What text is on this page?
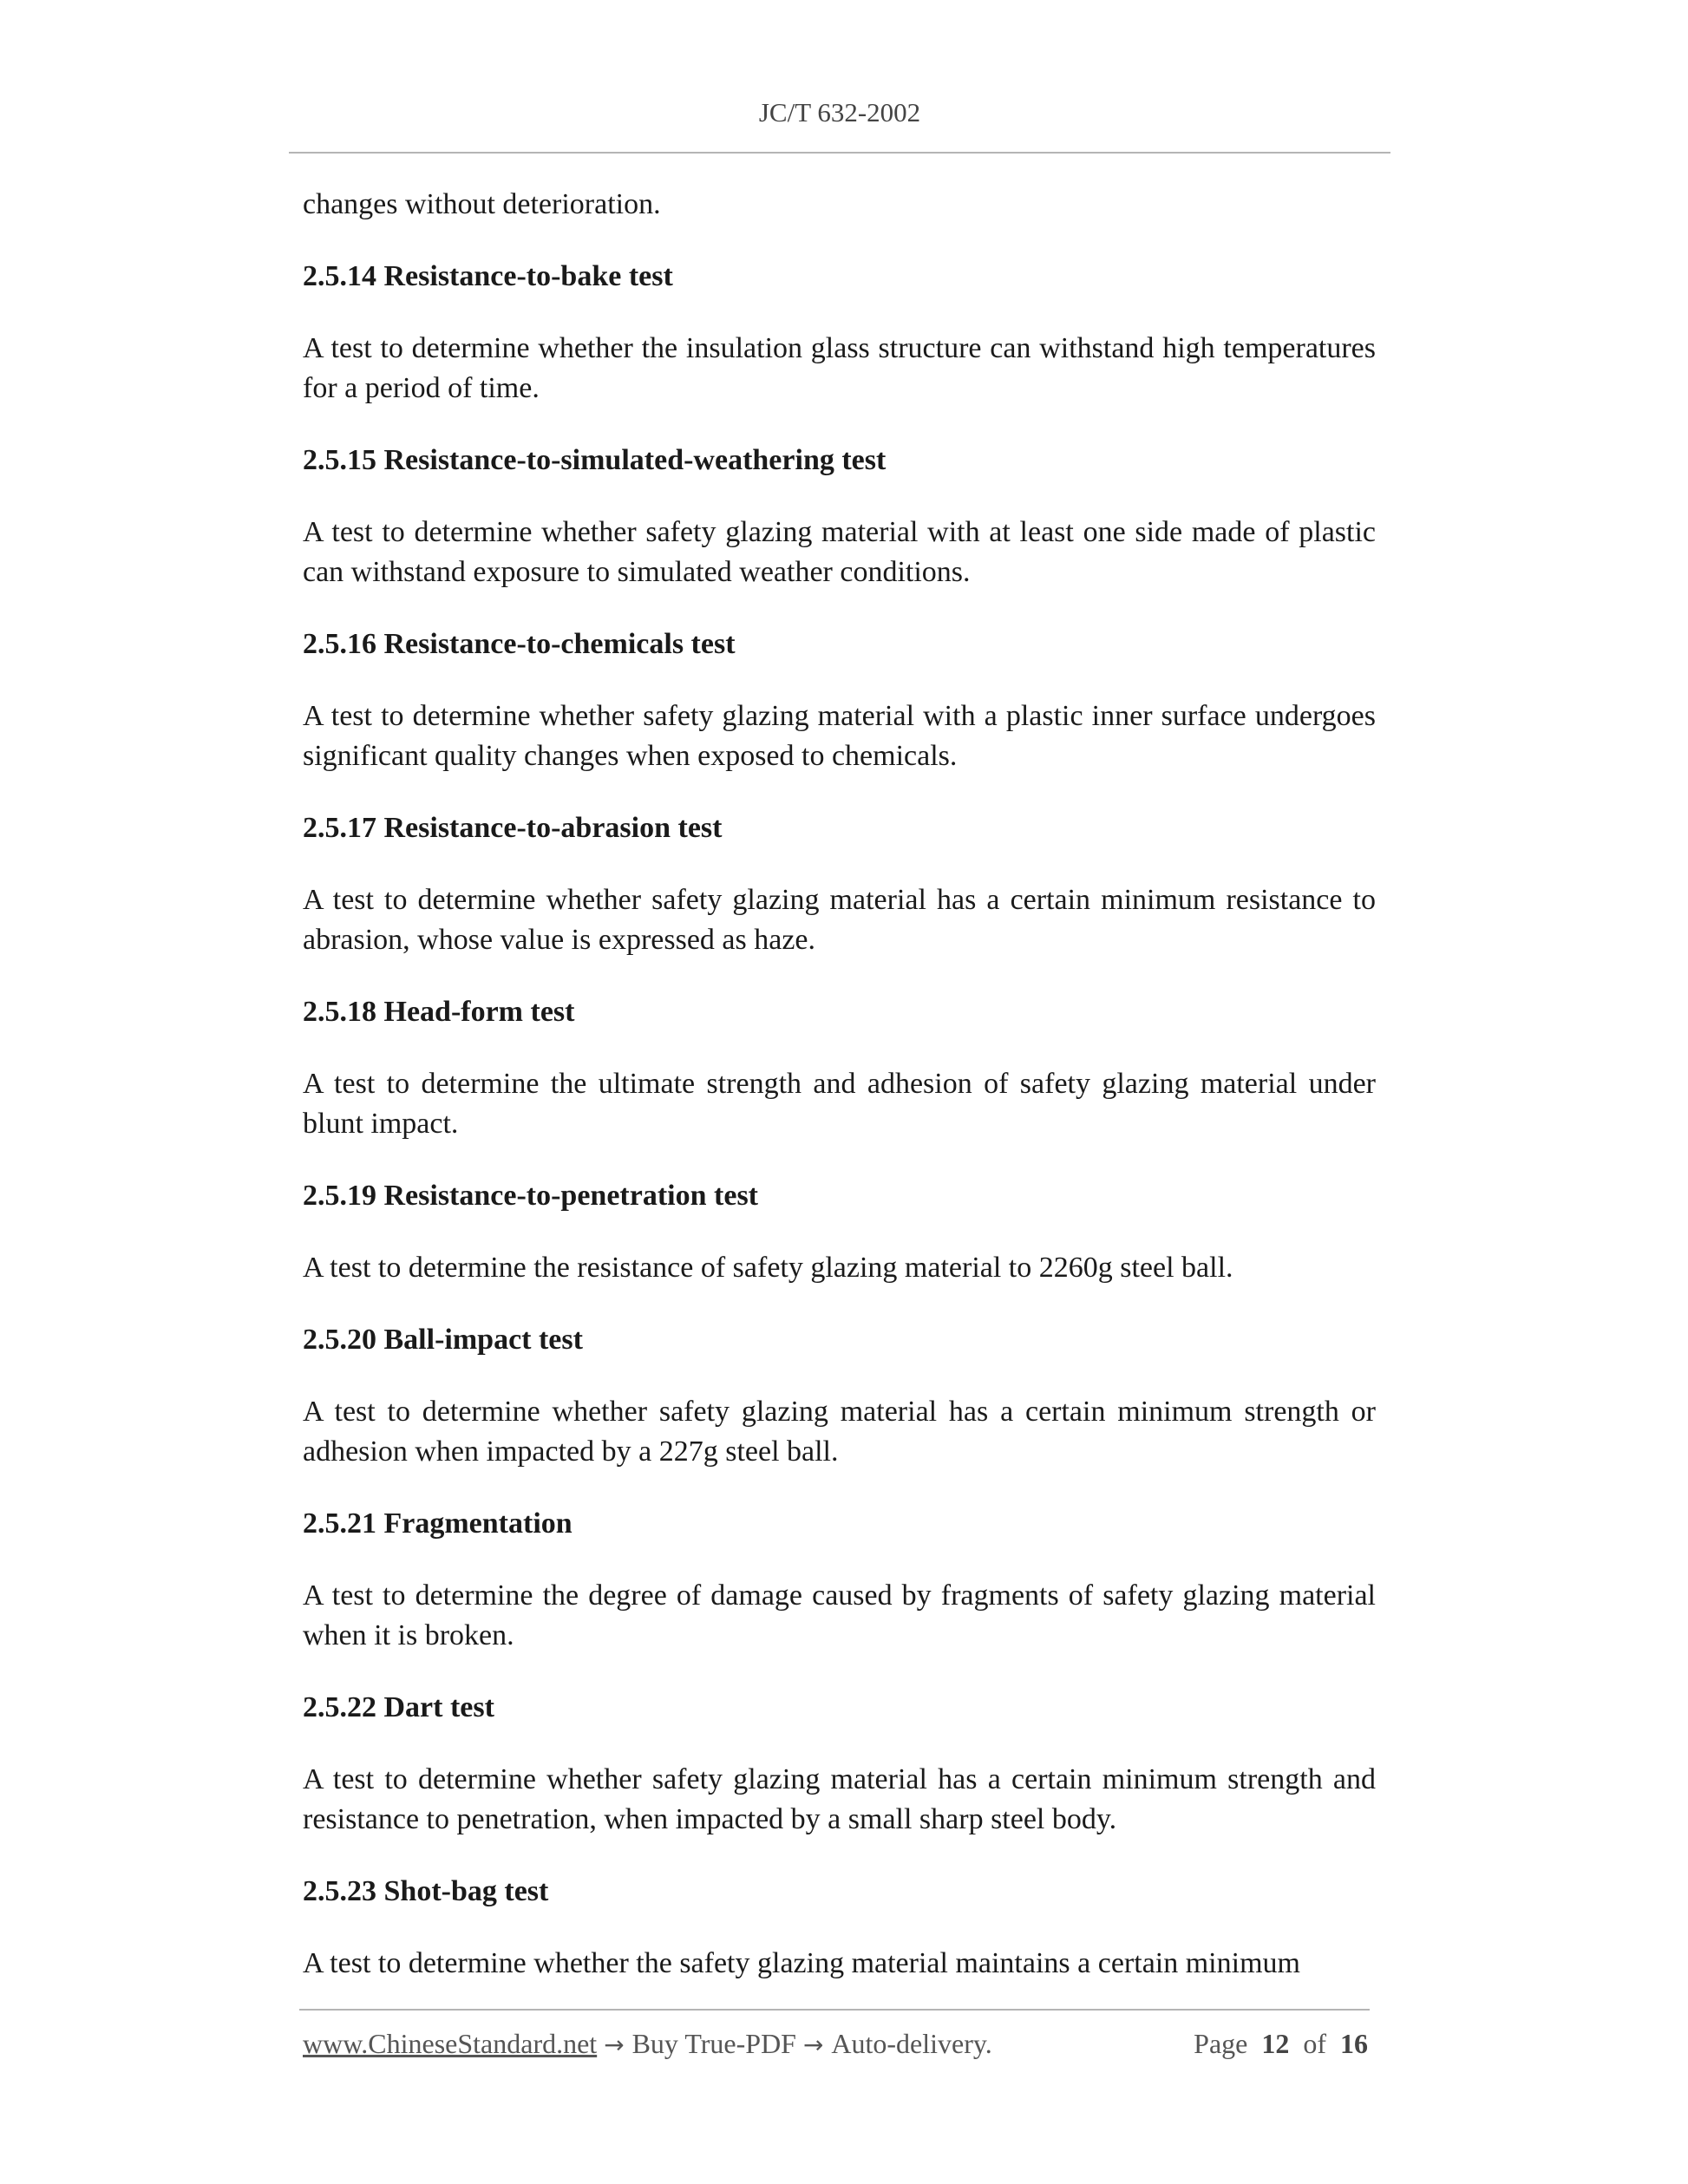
JC/T 632-2002

changes without deterioration.

2.5.14 Resistance-to-bake test

A test to determine whether the insulation glass structure can withstand high temperatures for a period of time.

2.5.15 Resistance-to-simulated-weathering test

A test to determine whether safety glazing material with at least one side made of plastic can withstand exposure to simulated weather conditions.

2.5.16 Resistance-to-chemicals test

A test to determine whether safety glazing material with a plastic inner surface undergoes significant quality changes when exposed to chemicals.

2.5.17 Resistance-to-abrasion test

A test to determine whether safety glazing material has a certain minimum resistance to abrasion, whose value is expressed as haze.

2.5.18 Head-form test

A test to determine the ultimate strength and adhesion of safety glazing material under blunt impact.

2.5.19 Resistance-to-penetration test

A test to determine the resistance of safety glazing material to 2260g steel ball.

2.5.20 Ball-impact test

A test to determine whether safety glazing material has a certain minimum strength or adhesion when impacted by a 227g steel ball.

2.5.21 Fragmentation

A test to determine the degree of damage caused by fragments of safety glazing material when it is broken.

2.5.22 Dart test

A test to determine whether safety glazing material has a certain minimum strength and resistance to penetration, when impacted by a small sharp steel body.

2.5.23 Shot-bag test

A test to determine whether the safety glazing material maintains a certain minimum

www.ChineseStandard.net → Buy True-PDF → Auto-delivery.	Page 12 of 16
